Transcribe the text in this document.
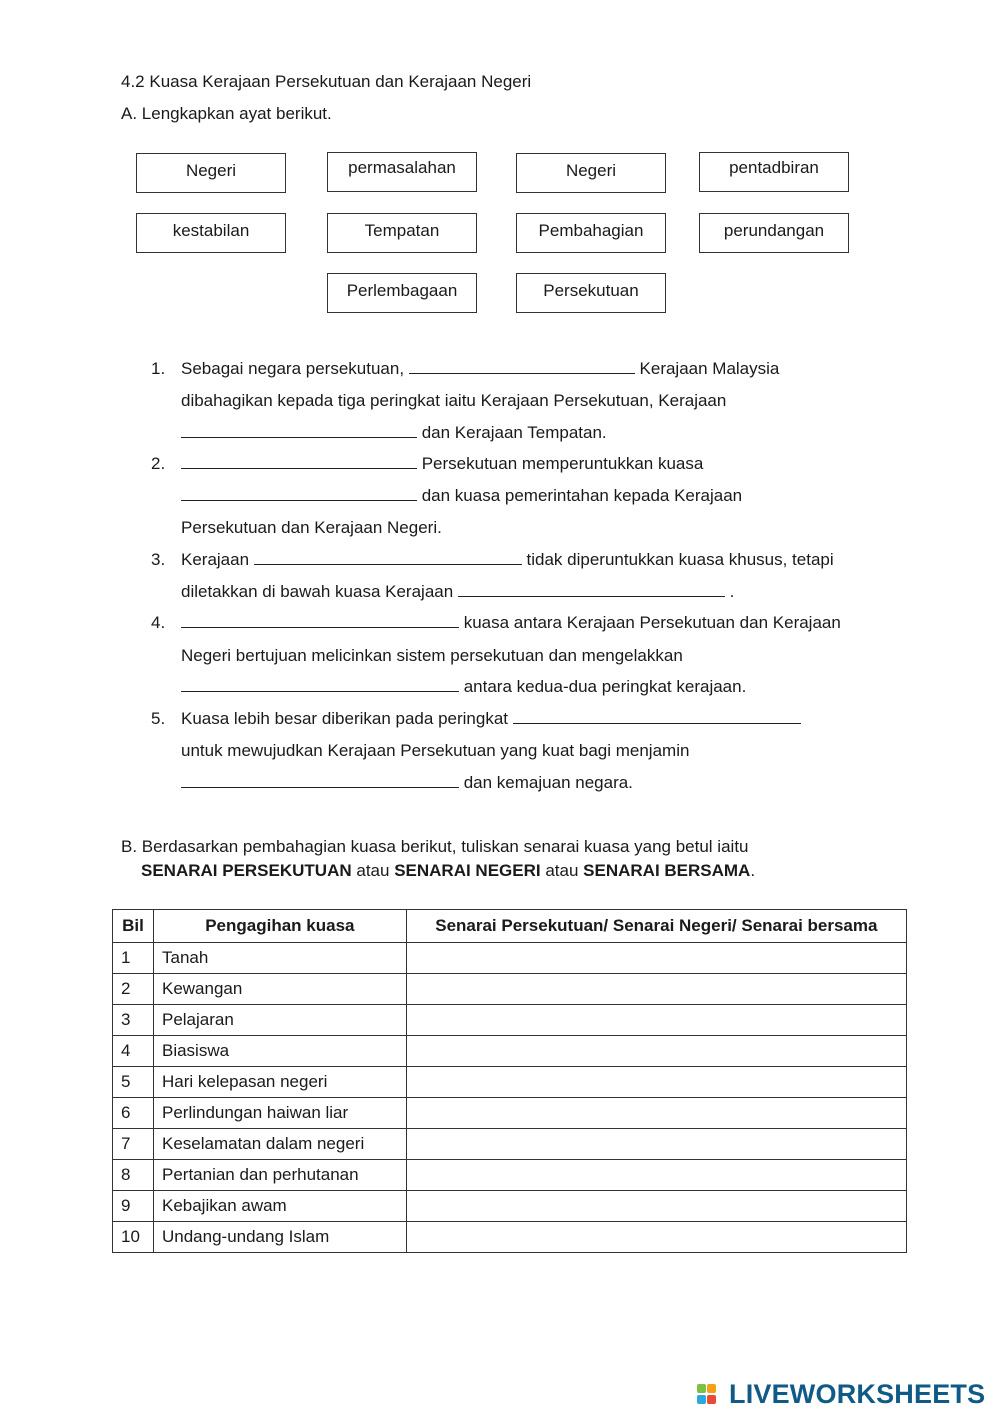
4.2 Kuasa Kerajaan Persekutuan dan Kerajaan Negeri
A. Lengkapkan ayat berikut.
Negeri	permasalahan	Negeri	pentadbiran
kestabilan	Tempatan	Pembahagian	perundangan
Perlembagaan	Persekutuan
1. Sebagai negara persekutuan,	Kerajaan Malaysia
dibahagikan kepada tiga peringkat iaitu Kerajaan Persekutuan, Kerajaan
dan Kerajaan Tempatan.
2.	Persekutuan memperuntukkan kuasa
dan kuasa pemerintahan kepada Kerajaan
Persekutuan dan Kerajaan Negeri.
3. Kerajaan	tidak diperuntukkan kuasa khusus, tetapi
diletakkan di bawah kuasa Kerajaan	.
4.	kuasa antara Kerajaan Persekutuan dan Kerajaan
Negeri bertujuan melicinkan sistem persekutuan dan mengelakkan
antara kedua-dua peringkat kerajaan.
5. Kuasa lebih besar diberikan pada peringkat
untuk mewujudkan Kerajaan Persekutuan yang kuat bagi menjamin
dan kemajuan negara.
B. Berdasarkan pembahagian kuasa berikut, tuliskan senarai kuasa yang betul iaitu
SENARAI PERSEKUTUAN atau SENARAI NEGERI atau SENARAI BERSAMA.
Bil	Pengagihan kuasa	Senarai Persekutuan/ Senarai Negeri/ Senarai bersama
1	Tanah	
2	Kewangan	
3	Pelajaran	
4	Biasiswa	
5	Hari kelepasan negeri	
6	Perlindungan haiwan liar	
7	Keselamatan dalam negeri	
8	Pertanian dan perhutanan	
9	Kebajikan awam	
10	Undang-undang Islam	
LIVEWORKSHEETS
